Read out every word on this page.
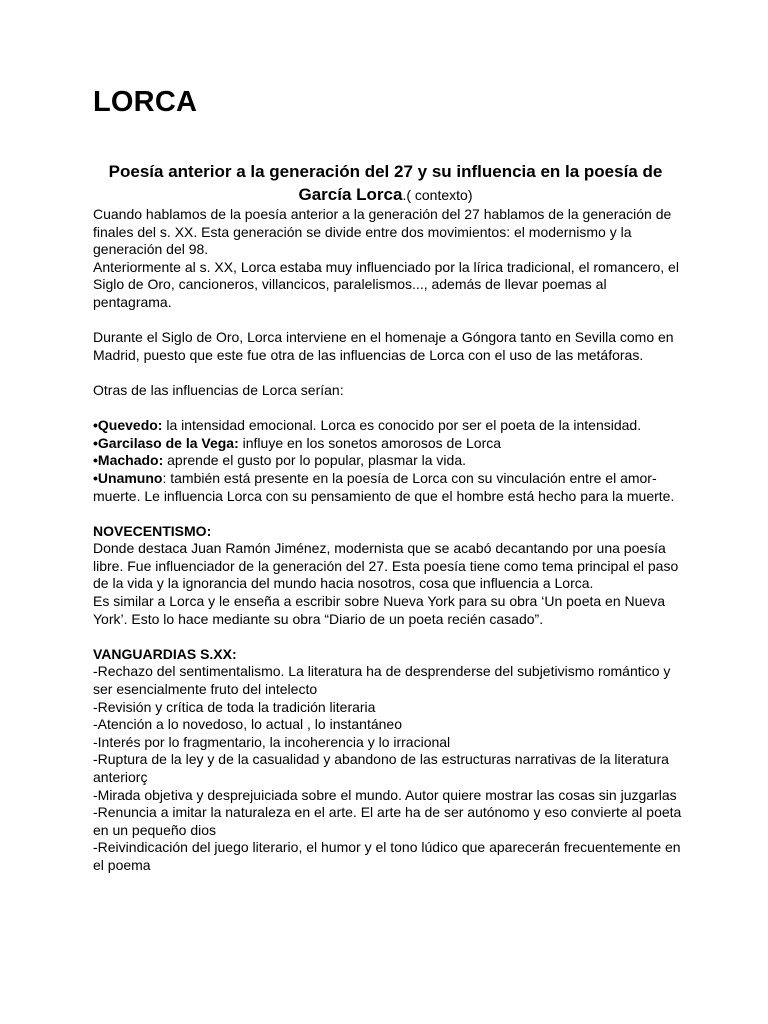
LORCA

Poesía anterior a la generación del 27 y su influencia en la poesía de García Lorca.( contexto)

Cuando hablamos de la poesía anterior a la generación del 27 hablamos de la generación de finales del s. XX. Esta generación se divide entre dos movimientos: el modernismo y la generación del 98.

Anteriormente al s. XX, Lorca estaba muy influenciado por la lírica tradicional, el romancero, el Siglo de Oro, cancioneros, villancicos, paralelismos..., además de llevar poemas al pentagrama.

Durante el Siglo de Oro, Lorca interviene en el homenaje a Góngora tanto en Sevilla como en Madrid, puesto que este fue otra de las influencias de Lorca con el uso de las metáforas.

Otras de las influencias de Lorca serían:

•Quevedo: la intensidad emocional. Lorca es conocido por ser el poeta de la intensidad.

•Garcilaso de la Vega: influye en los sonetos amorosos de Lorca

•Machado: aprende el gusto por lo popular, plasmar la vida.

•Unamuno: también está presente en la poesía de Lorca con su vinculación entre el amor-muerte. Le influencia Lorca con su pensamiento de que el hombre está hecho para la muerte.

NOVECENTISMO:

Donde destaca Juan Ramón Jiménez, modernista que se acabó decantando por una poesía libre. Fue influenciador de la generación del 27. Esta poesía tiene como tema principal el paso de la vida y la ignorancia del mundo hacia nosotros, cosa que influencia a Lorca.

Es similar a Lorca y le enseña a escribir sobre Nueva York para su obra ‘Un poeta en Nueva York’. Esto lo hace mediante su obra “Diario de un poeta recién casado”.

VANGUARDIAS S.XX:

-Rechazo del sentimentalismo. La literatura ha de desprenderse del subjetivismo romántico y ser esencialmente fruto del intelecto

-Revisión y crítica de toda la tradición literaria

-Atención a lo novedoso, lo actual , lo instantáneo

-Interés por lo fragmentario, la incoherencia y lo irracional

-Ruptura de la ley y de la casualidad y abandono de las estructuras narrativas de la literatura anteriorç

-Mirada objetiva y desprejuiciada sobre el mundo. Autor quiere mostrar las cosas sin juzgarlas

-Renuncia a imitar la naturaleza en el arte. El arte ha de ser autónomo y eso convierte al poeta en un pequeño dios

-Reivindicación del juego literario, el humor y el tono lúdico que aparecerán frecuentemente en el poema
